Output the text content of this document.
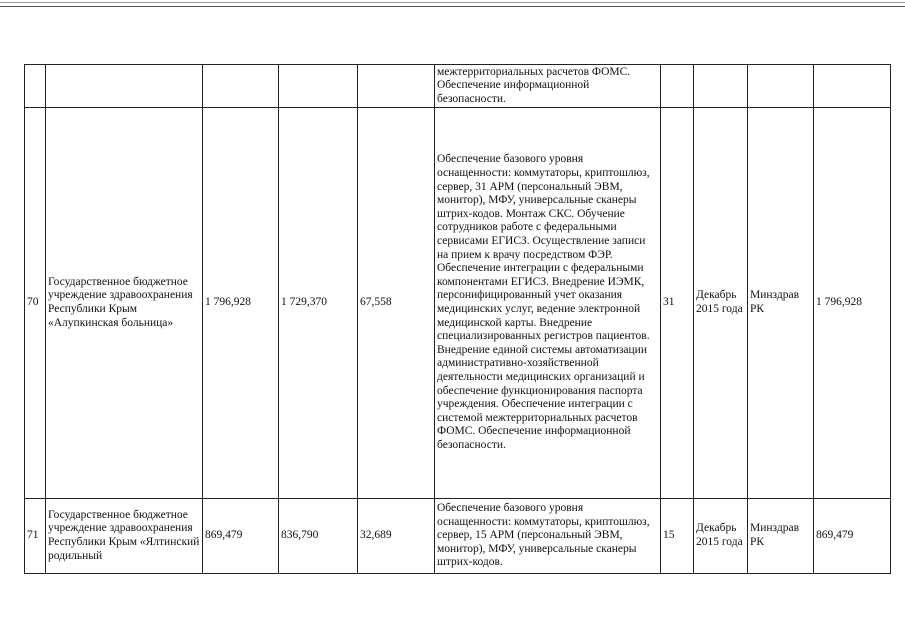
					межтерриториальных расчетов ФОМС. Обеспечение информационной безопасности.				
70	Государственное бюджетное учреждение здравоохранения Республики Крым «Алупкинская больница»	1 796,928	1 729,370	67,558	Обеспечение базового уровня оснащенности: коммутаторы, криптошлюз, сервер, 31 АРМ (персональный ЭВМ, монитор), МФУ, универсальные сканеры штрих-кодов. Монтаж СКС. Обучение сотрудников работе с федеральными сервисами ЕГИСЗ. Осуществление записи на прием к врачу посредством ФЭР. Обеспечение интеграции с федеральными компонентами ЕГИСЗ. Внедрение ИЭМК, персонифицированный учет оказания медицинских услуг, ведение электронной медицинской карты. Внедрение специализированных регистров пациентов. Внедрение единой системы автоматизации административно-хозяйственной деятельности медицинских организаций и обеспечение функционирования паспорта учреждения. Обеспечение интеграции с системой межтерриториальных расчетов ФОМС. Обеспечение информационной безопасности.	31	Декабрь 2015 года	Минздрав РК	1 796,928
71	Государственное бюджетное учреждение здравоохранения Республики Крым «Ялтинский родильный	869,479	836,790	32,689	Обеспечение базового уровня оснащенности: коммутаторы, криптошлюз, сервер, 15 АРМ (персональный ЭВМ, монитор), МФУ, универсальные сканеры штрих-кодов.	15	Декабрь 2015 года	Минздрав РК	869,479
